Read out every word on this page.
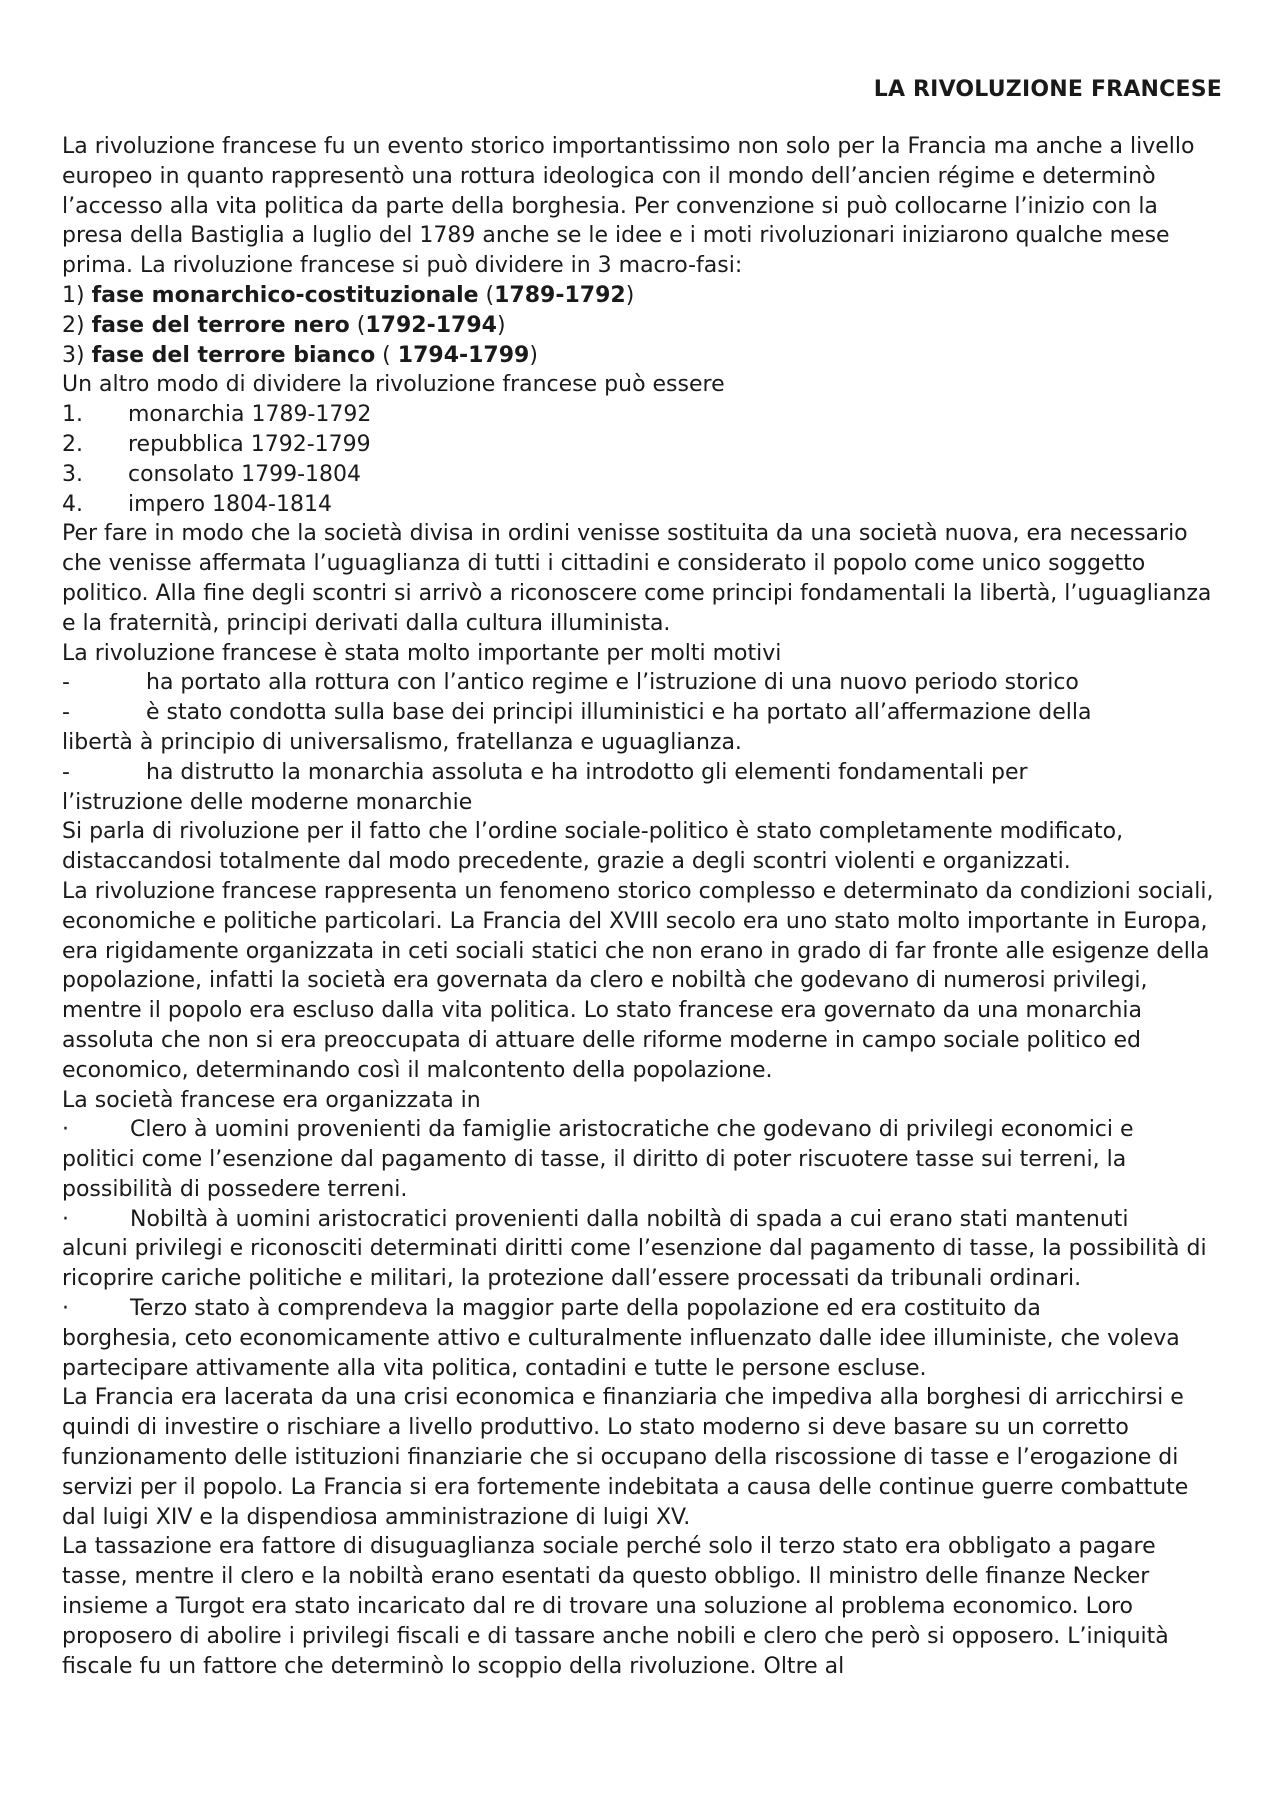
LA RIVOLUZIONE FRANCESE

La rivoluzione francese fu un evento storico importantissimo non solo per la Francia ma anche a livello europeo in quanto rappresentò una rottura ideologica con il mondo dell’ancien régime e determinò l’accesso alla vita politica da parte della borghesia. Per convenzione si può collocarne l’inizio con la presa della Bastiglia a luglio del 1789 anche se le idee e i moti rivoluzionari iniziarono qualche mese prima. La rivoluzione francese si può dividere in 3 macro-fasi:

1) fase monarchico-costituzionale (1789-1792)
2) fase del terrore nero (1792-1794)
3) fase del terrore bianco ( 1794-1799)

Un altro modo di dividere la rivoluzione francese può essere

1. monarchia 1789-1792
2. repubblica 1792-1799
3. consolato 1799-1804
4. impero 1804-1814

Per fare in modo che la società divisa in ordini venisse sostituita da una società nuova, era necessario che venisse affermata l’uguaglianza di tutti i cittadini e considerato il popolo come unico soggetto politico. Alla fine degli scontri si arrivò a riconoscere come principi fondamentali la libertà, l’uguaglianza e la fraternità, principi derivati dalla cultura illuminista.

La rivoluzione francese è stata molto importante per molti motivi

-	ha portato alla rottura con l’antico regime e l’istruzione di una nuovo periodo storico
-	è stato condotta sulla base dei principi illuministici e ha portato all’affermazione della

libertà à principio di universalismo, fratellanza e uguaglianza.

-	ha distrutto la monarchia assoluta e ha introdotto gli elementi fondamentali per

l’istruzione delle moderne monarchie

Si parla di rivoluzione per il fatto che l’ordine sociale-politico è stato completamente modificato, distaccandosi totalmente dal modo precedente, grazie a degli scontri violenti e organizzati.

La rivoluzione francese rappresenta un fenomeno storico complesso e determinato da condizioni sociali, economiche e politiche particolari. La Francia del XVIII secolo era uno stato molto importante in Europa, era rigidamente organizzata in ceti sociali statici che non erano in grado di far fronte alle esigenze della popolazione, infatti la società era governata da clero e nobiltà che godevano di numerosi privilegi, mentre il popolo era escluso dalla vita politica. Lo stato francese era governato da una monarchia assoluta che non si era preoccupata di attuare delle riforme moderne in campo sociale politico ed economico, determinando così il malcontento della popolazione.

La società francese era organizzata in

·	Clero à uomini provenienti da famiglie aristocratiche che godevano di privilegi economici e

politici come l’esenzione dal pagamento di tasse, il diritto di poter riscuotere tasse sui terreni, la possibilità di possedere terreni.

·	Nobiltà à uomini aristocratici provenienti dalla nobiltà di spada a cui erano stati mantenuti

alcuni privilegi e riconosciti determinati diritti come l’esenzione dal pagamento di tasse, la possibilità di ricoprire cariche politiche e militari, la protezione dall’essere processati da tribunali ordinari.

·	Terzo stato à comprendeva la maggior parte della popolazione ed era costituito da

borghesia, ceto economicamente attivo e culturalmente influenzato dalle idee illuministe, che voleva partecipare attivamente alla vita politica, contadini e tutte le persone escluse.

La Francia era lacerata da una crisi economica e finanziaria che impediva alla borghesi di arricchirsi e quindi di investire o rischiare a livello produttivo. Lo stato moderno si deve basare su un corretto funzionamento delle istituzioni finanziarie che si occupano della riscossione di tasse e l’erogazione di servizi per il popolo. La Francia si era fortemente indebitata a causa delle continue guerre combattute dal luigi XIV e la dispendiosa amministrazione di luigi XV.

La tassazione era fattore di disuguaglianza sociale perché solo il terzo stato era obbligato a pagare tasse, mentre il clero e la nobiltà erano esentati da questo obbligo. Il ministro delle finanze Necker insieme a Turgot era stato incaricato dal re di trovare una soluzione al problema economico. Loro proposero di abolire i privilegi fiscali e di tassare anche nobili e clero che però si opposero. L’iniquità fiscale fu un fattore che determinò lo scoppio della rivoluzione. Oltre al
